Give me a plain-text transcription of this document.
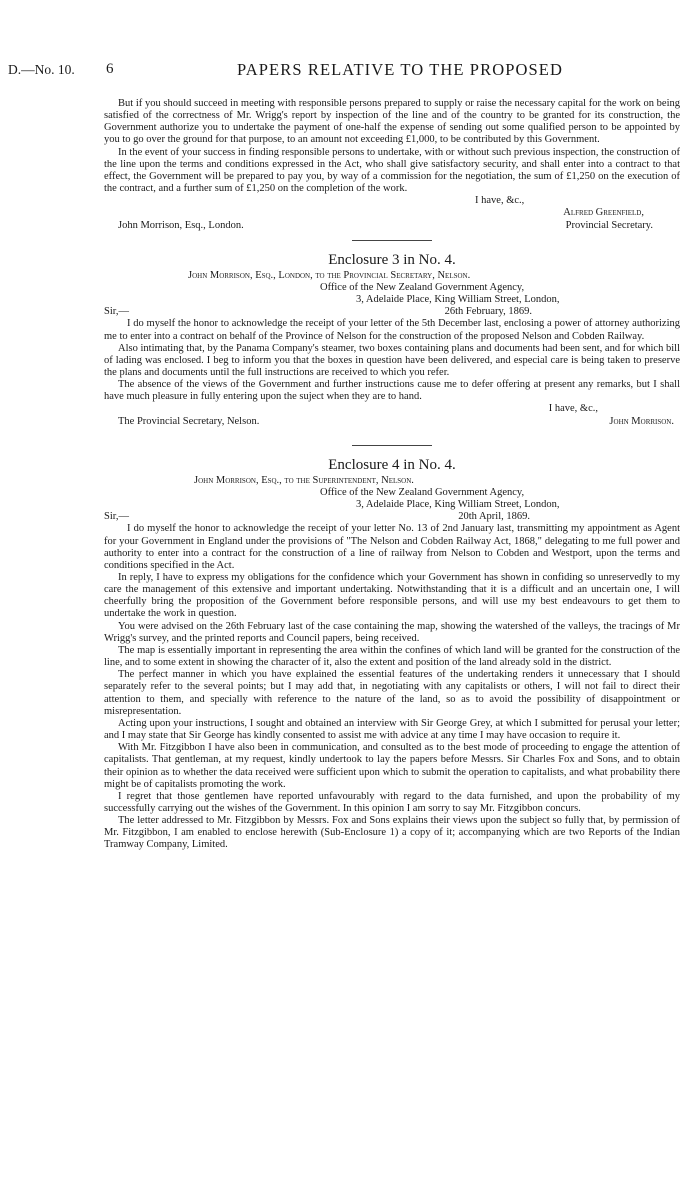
D.—No. 10. 6	PAPERS RELATIVE TO THE PROPOSED

But if you should succeed in meeting with responsible persons prepared to supply or raise the necessary capital for the work on being satisfied of the correctness of Mr. Wrigg's report by inspection of the line and of the country to be granted for its construction, the Government authorize you to undertake the payment of one-half the expense of sending out some qualified person to be appointed by you to go over the ground for that purpose, to an amount not exceeding £1,000, to be contributed by this Government.

In the event of your success in finding responsible persons to undertake, with or without such previous inspection, the construction of the line upon the terms and conditions expressed in the Act, who shall give satisfactory security, and shall enter into a contract to that effect, the Government will be prepared to pay you, by way of a commission for the negotiation, the sum of £1,250 on the execution of the contract, and a further sum of £1,250 on the completion of the work.

I have, &c.,
Alfred Greenfield,
John Morrison, Esq., London.	Provincial Secretary.
Enclosure 3 in No. 4.
John Morrison, Esq., London, to the Provincial Secretary, Nelson.
Office of the New Zealand Government Agency,
3, Adelaide Place, King William Street, London,
Sir,—	26th February, 1869.

I do myself the honor to acknowledge the receipt of your letter of the 5th December last, enclosing a power of attorney authorizing me to enter into a contract on behalf of the Province of Nelson for the construction of the proposed Nelson and Cobden Railway.

Also intimating that, by the Panama Company's steamer, two boxes containing plans and documents had been sent, and for which bill of lading was enclosed. I beg to inform you that the boxes in question have been delivered, and especial care is being taken to preserve the plans and documents until the full instructions are received to which you refer.

The absence of the views of the Government and further instructions cause me to defer offering at present any remarks, but I shall have much pleasure in fully entering upon the suject when they are to hand.

I have, &c.,
The Provincial Secretary, Nelson.	John Morrison.
Enclosure 4 in No. 4.
John Morrison, Esq., to the Superintendent, Nelson.
Office of the New Zealand Government Agency,
3, Adelaide Place, King William Street, London,
Sir,—	20th April, 1869.

I do myself the honor to acknowledge the receipt of your letter No. 13 of 2nd January last, transmitting my appointment as Agent for your Government in England under the provisions of "The Nelson and Cobden Railway Act, 1868," delegating to me full power and authority to enter into a contract for the construction of a line of railway from Nelson to Cobden and Westport, upon the terms and conditions specified in the Act.

In reply, I have to express my obligations for the confidence which your Government has shown in confiding so unreservedly to my care the management of this extensive and important undertaking. Notwithstanding that it is a difficult and an uncertain one, I will cheerfully bring the proposition of the Government before responsible persons, and will use my best endeavours to get them to undertake the work in question.

You were advised on the 26th February last of the case containing the map, showing the watershed of the valleys, the tracings of Mr Wrigg's survey, and the printed reports and Council papers, being received.

The map is essentially important in representing the area within the confines of which land will be granted for the construction of the line, and to some extent in showing the character of it, also the extent and position of the land already sold in the district.

The perfect manner in which you have explained the essential features of the undertaking renders it unnecessary that I should separately refer to the several points; but I may add that, in negotiating with any capitalists or others, I will not fail to direct their attention to them, and specially with reference to the nature of the land, so as to avoid the possibility of disappointment or misrepresentation.

Acting upon your instructions, I sought and obtained an interview with Sir George Grey, at which I submitted for perusal your letter; and I may state that Sir George has kindly consented to assist me with advice at any time I may have occasion to require it.

With Mr. Fitzgibbon I have also been in communication, and consulted as to the best mode of proceeding to engage the attention of capitalists. That gentleman, at my request, kindly undertook to lay the papers before Messrs. Sir Charles Fox and Sons, and to obtain their opinion as to whether the data received were sufficient upon which to submit the operation to capitalists, and what probability there might be of capitalists promoting the work.

I regret that those gentlemen have reported unfavourably with regard to the data furnished, and upon the probability of my successfully carrying out the wishes of the Government. In this opinion I am sorry to say Mr. Fitzgibbon concurs.

The letter addressed to Mr. Fitzgibbon by Messrs. Fox and Sons explains their views upon the subject so fully that, by permission of Mr. Fitzgibbon, I am enabled to enclose herewith (Sub-Enclosure 1) a copy of it; accompanying which are two Reports of the Indian Tramway Company, Limited.
